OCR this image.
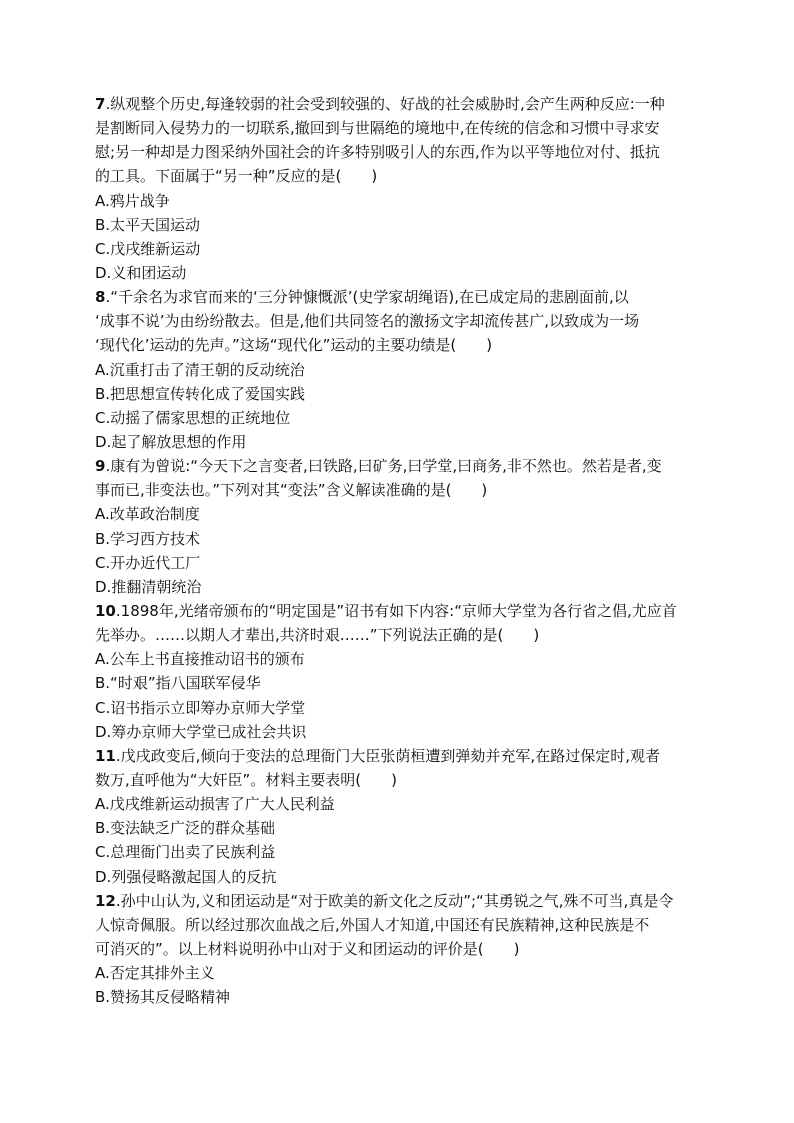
7.纵观整个历史,每逢较弱的社会受到较强的、好战的社会威胁时,会产生两种反应:一种
是割断同入侵势力的一切联系,撤回到与世隔绝的境地中,在传统的信念和习惯中寻求安
慰;另一种却是力图采纳外国社会的许多特别吸引人的东西,作为以平等地位对付、抵抗
的工具。下面属于“另一种”反应的是(　　)
A.鸦片战争
B.太平天国运动
C.戊戌维新运动
D.义和团运动
8.“千余名为求官而来的‘三分钟慷慨派’(史学家胡绳语),在已成定局的悲剧面前,以
‘成事不说’为由纷纷散去。但是,他们共同签名的激扬文字却流传甚广,以致成为一场
‘现代化’运动的先声。”这场“现代化”运动的主要功绩是(　　)
A.沉重打击了清王朝的反动统治
B.把思想宣传转化成了爱国实践
C.动摇了儒家思想的正统地位
D.起了解放思想的作用
9.康有为曾说:“今天下之言变者,曰铁路,曰矿务,曰学堂,曰商务,非不然也。然若是者,变
事而已,非变法也。”下列对其“变法”含义解读准确的是(　　)
A.改革政治制度
B.学习西方技术
C.开办近代工厂
D.推翻清朝统治
10.1898年,光绪帝颁布的“明定国是”诏书有如下内容:“京师大学堂为各行省之倡,尤应首
先举办。……以期人才辈出,共济时艰……”下列说法正确的是(　　)
A.公车上书直接推动诏书的颁布
B.“时艰”指八国联军侵华
C.诏书指示立即筹办京师大学堂
D.筹办京师大学堂已成社会共识
11.戊戌政变后,倾向于变法的总理衙门大臣张荫桓遭到弹劾并充军,在路过保定时,观者
数万,直呼他为“大奸臣”。材料主要表明(　　)
A.戊戌维新运动损害了广大人民利益
B.变法缺乏广泛的群众基础
C.总理衙门出卖了民族利益
D.列强侵略激起国人的反抗
12.孙中山认为,义和团运动是“对于欧美的新文化之反动”;“其勇锐之气,殊不可当,真是令
人惊奇佩服。所以经过那次血战之后,外国人才知道,中国还有民族精神,这种民族是不
可消灭的”。以上材料说明孙中山对于义和团运动的评价是(　　)
A.否定其排外主义
B.赞扬其反侵略精神
